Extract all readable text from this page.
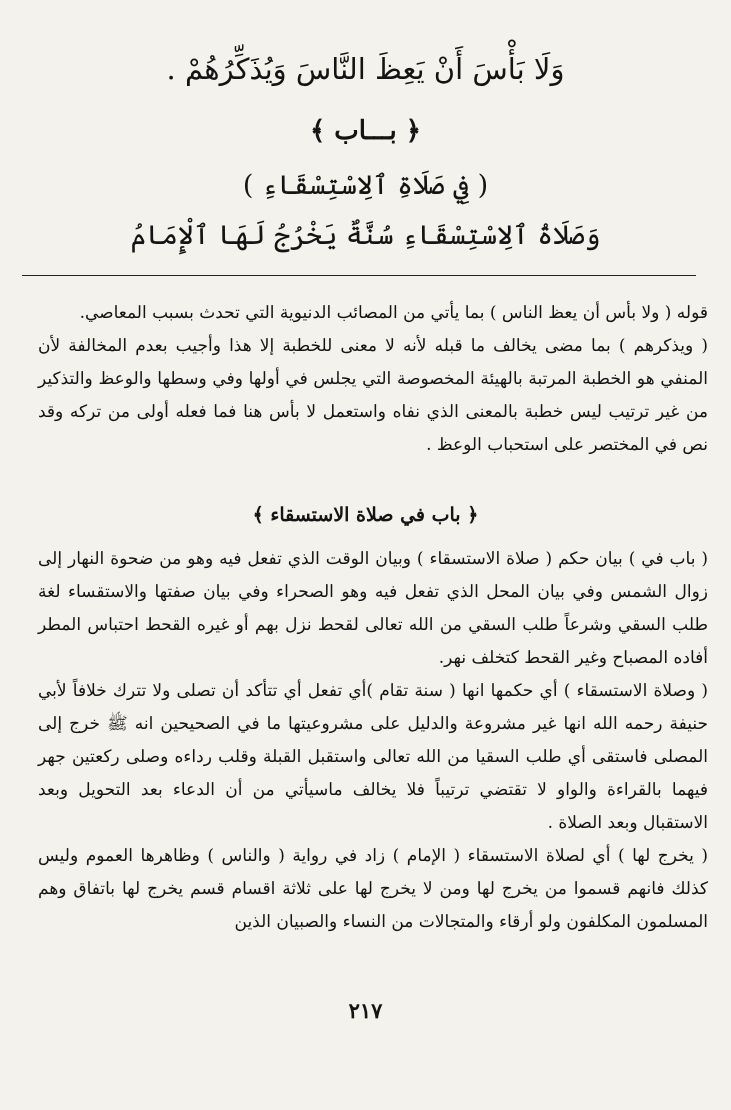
وَلَا بَأْسَ أَنْ يَعِظَ النَّاسَ وَيُذَكِّرُهُمْ .
﴿ بـــاب ﴾
( فِي صَلَاةِ ٱلِاسْتِسْقَاءِ )
وَصَلَاةُ ٱلِاسْتِسْقَاءِ سُنَّةٌ يَخْرُجُ لَهَا ٱلْإِمَامُ

قوله ( ولا بأس أن يعظ الناس ) بما يأتي من المصائب الدنيوية التي تحدث بسبب المعاصي.

( ويذكرهم ) بما مضى يخالف ما قبله لأنه لا معنى للخطبة إلا هذا وأجيب بعدم المخالفة لأن المنفي هو الخطبة المرتبة بالهيئة المخصوصة التي يجلس في أولها وفي وسطها والوعظ والتذكير من غير ترتيب ليس خطبة بالمعنى الذي نفاه واستعمل لا بأس هنا فما فعله أولى من تركه وقد نص في المختصر على استحباب الوعظ .

﴿ باب في صلاة الاستسقاء ﴾

( باب في ) بيان حكم ( صلاة الاستسقاء ) وبيان الوقت الذي تفعل فيه وهو من ضحوة النهار إلى زوال الشمس وفي بيان المحل الذي تفعل فيه وهو الصحراء وفي بيان صفتها والاستقساء لغة طلب السقي وشرعاً طلب السقي من الله تعالى لقحط نزل بهم أو غيره القحط احتباس المطر أفاده المصباح وغير القحط كتخلف نهر.

( وصلاة الاستسقاء ) أي حكمها انها ( سنة تقام )أي تفعل أي تتأكد أن تصلى ولا تترك خلافاً لأبي حنيفة رحمه الله انها غير مشروعة والدليل على مشروعيتها ما في الصحيحين انه ﷺ خرج إلى المصلى فاستقى أي طلب السقيا من الله تعالى واستقبل القبلة وقلب رداءه وصلى ركعتين جهر فيهما بالقراءة والواو لا تقتضي ترتيباً فلا يخالف ماسيأتي من أن الدعاء بعد التحويل وبعد الاستقبال وبعد الصلاة .

( يخرج لها ) أي لصلاة الاستسقاء ( الإمام ) زاد في رواية ( والناس ) وظاهرها العموم وليس كذلك فانهم قسموا من يخرج لها ومن لا يخرج لها على ثلاثة اقسام قسم يخرج لها باتفاق وهم المسلمون المكلفون ولو أرقاء والمتجالات من النساء والصبيان الذين

٢١٧
